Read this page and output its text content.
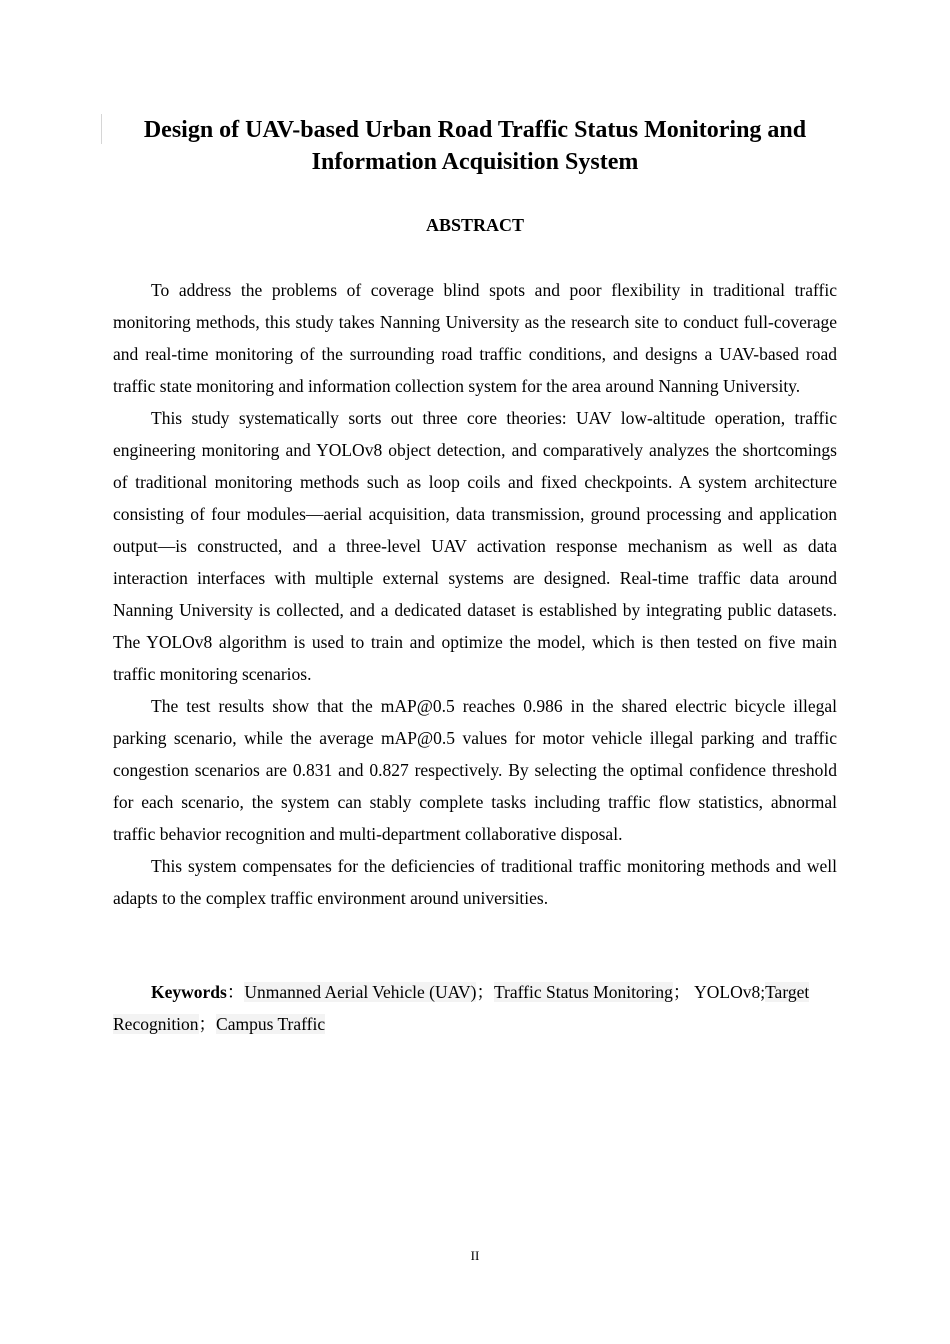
Design of UAV-based Urban Road Traffic Status Monitoring and
Information Acquisition System
ABSTRACT

To address the problems of coverage blind spots and poor flexibility in traditional traffic monitoring methods, this study takes Nanning University as the research site to conduct full-coverage and real-time monitoring of the surrounding road traffic conditions, and designs a UAV-based road traffic state monitoring and information collection system for the area around Nanning University.

This study systematically sorts out three core theories: UAV low-altitude operation, traffic engineering monitoring and YOLOv8 object detection, and comparatively analyzes the shortcomings of traditional monitoring methods such as loop coils and fixed checkpoints. A system architecture consisting of four modules—aerial acquisition, data transmission, ground processing and application output—is constructed, and a three-level UAV activation response mechanism as well as data interaction interfaces with multiple external systems are designed. Real-time traffic data around Nanning University is collected, and a dedicated dataset is established by integrating public datasets. The YOLOv8 algorithm is used to train and optimize the model, which is then tested on five main traffic monitoring scenarios.

The test results show that the mAP@0.5 reaches 0.986 in the shared electric bicycle illegal parking scenario, while the average mAP@0.5 values for motor vehicle illegal parking and traffic congestion scenarios are 0.831 and 0.827 respectively. By selecting the optimal confidence threshold for each scenario, the system can stably complete tasks including traffic flow statistics, abnormal traffic behavior recognition and multi-department collaborative disposal.

This system compensates for the deficiencies of traditional traffic monitoring methods and well adapts to the complex traffic environment around universities.

Keywords：Unmanned Aerial Vehicle (UAV)；Traffic Status Monitoring； YOLOv8;Target Recognition；Campus Traffic

II
